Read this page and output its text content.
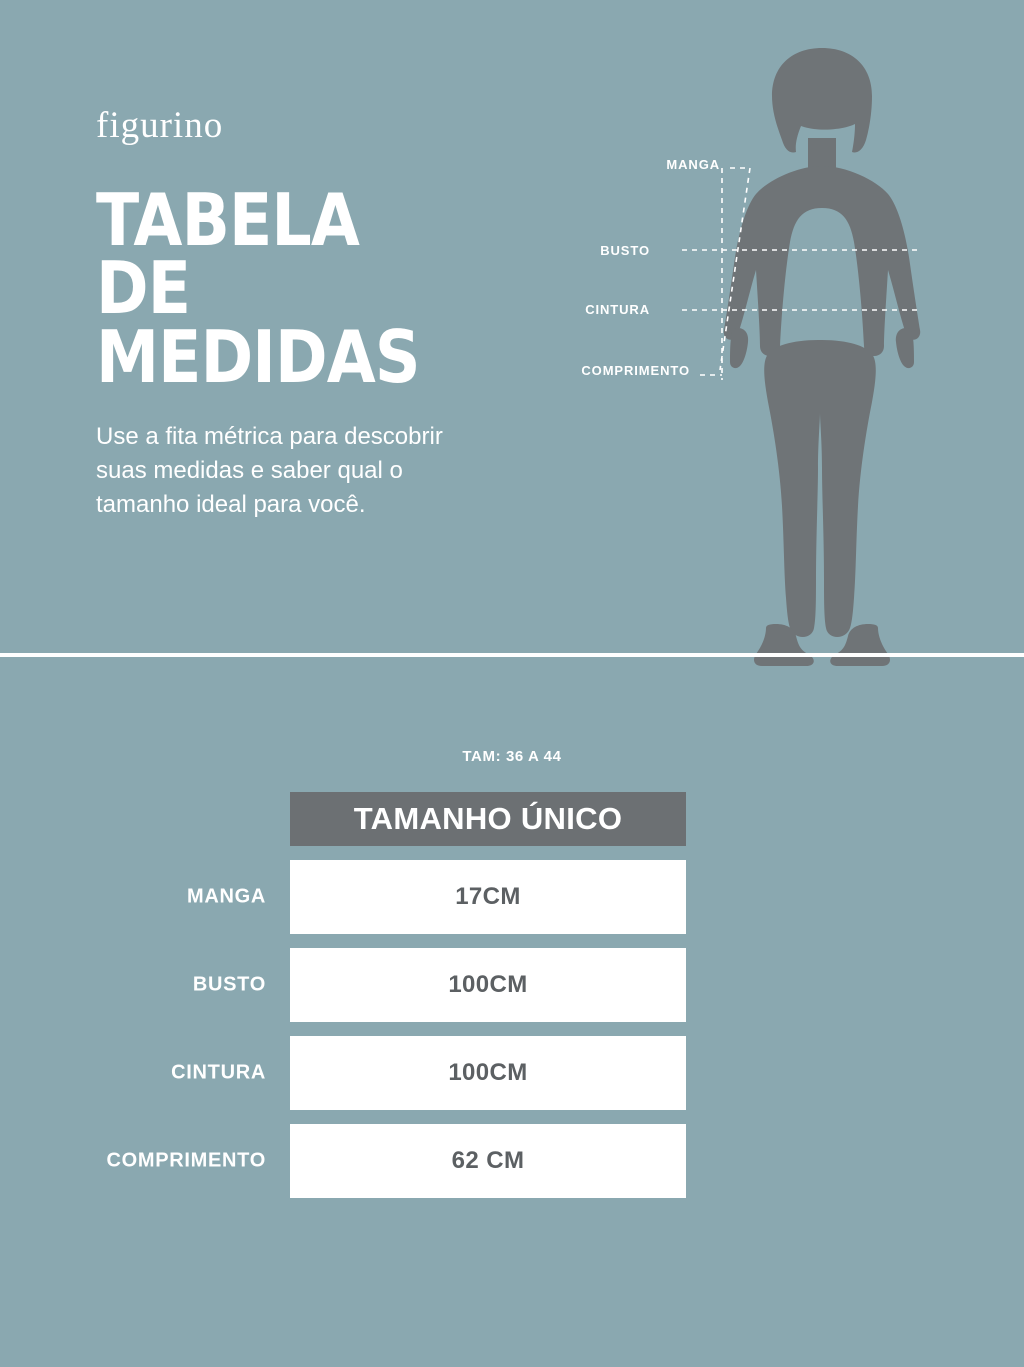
figurino
TABELA
DE MEDIDAS
Use a fita métrica para descobrir suas medidas e saber qual o tamanho ideal para você.
MANGA
BUSTO
CINTURA
COMPRIMENTO
TAM: 36 A 44
TAMANHO ÚNICO
MANGA	17CM
BUSTO	100CM
CINTURA	100CM
COMPRIMENTO	62 CM
